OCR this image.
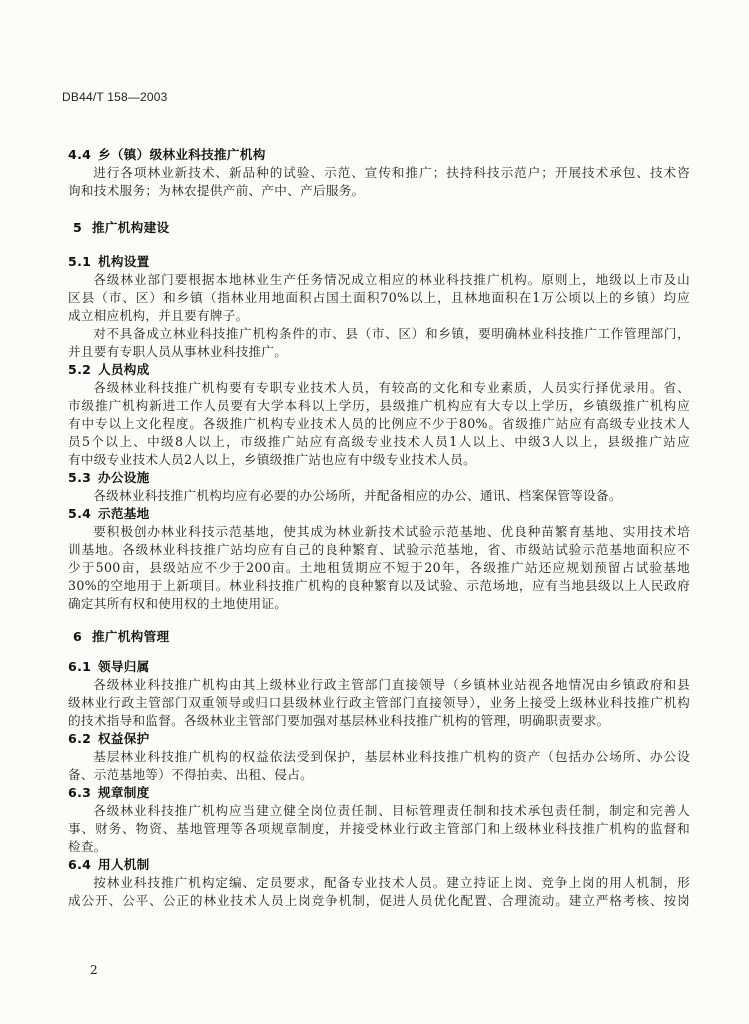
DB44/T 158—2003
4.4 乡（镇）级林业科技推广机构
进行各项林业新技术、新品种的试验、示范、宣传和推广；扶持科技示范户；开展技术承包、技术咨
询和技术服务；为林农提供产前、产中、产后服务。
5 推广机构建设
5.1 机构设置
各级林业部门要根据本地林业生产任务情况成立相应的林业科技推广机构。原则上，地级以上市及山
区县（市、区）和乡镇（指林业用地面积占国土面积70%以上，且林地面积在1万公顷以上的乡镇）均应
成立相应机构，并且要有牌子。
对不具备成立林业科技推广机构条件的市、县（市、区）和乡镇，要明确林业科技推广工作管理部门，
并且要有专职人员从事林业科技推广。
5.2 人员构成
各级林业科技推广机构要有专职专业技术人员，有较高的文化和专业素质，人员实行择优录用。省、
市级推广机构新进工作人员要有大学本科以上学历，县级推广机构应有大专以上学历，乡镇级推广机构应
有中专以上文化程度。各级推广机构专业技术人员的比例应不少于80%。省级推广站应有高级专业技术人
员5个以上、中级8人以上，市级推广站应有高级专业技术人员1人以上、中级3人以上，县级推广站应
有中级专业技术人员2人以上，乡镇级推广站也应有中级专业技术人员。
5.3 办公设施
各级林业科技推广机构均应有必要的办公场所，并配备相应的办公、通讯、档案保管等设备。
5.4 示范基地
要积极创办林业科技示范基地，使其成为林业新技术试验示范基地、优良种苗繁育基地、实用技术培
训基地。各级林业科技推广站均应有自己的良种繁育、试验示范基地，省、市级站试验示范基地面积应不
少于500亩，县级站应不少于200亩。土地租赁期应不短于20年，各级推广站还应规划预留占试验基地
30%的空地用于上新项目。林业科技推广机构的良种繁育以及试验、示范场地，应有当地县级以上人民政府
确定其所有权和使用权的土地使用证。
6 推广机构管理
6.1 领导归属
各级林业科技推广机构由其上级林业行政主管部门直接领导（乡镇林业站视各地情况由乡镇政府和县
级林业行政主管部门双重领导或归口县级林业行政主管部门直接领导），业务上接受上级林业科技推广机构
的技术指导和监督。各级林业主管部门要加强对基层林业科技推广机构的管理，明确职责要求。
6.2 权益保护
基层林业科技推广机构的权益依法受到保护，基层林业科技推广机构的资产（包括办公场所、办公设
备、示范基地等）不得拍卖、出租、侵占。
6.3 规章制度
各级林业科技推广机构应当建立健全岗位责任制、目标管理责任制和技术承包责任制，制定和完善人
事、财务、物资、基地管理等各项规章制度，并接受林业行政主管部门和上级林业科技推广机构的监督和
检查。
6.4 用人机制
按林业科技推广机构定编、定员要求，配备专业技术人员。建立持证上岗、竞争上岗的用人机制，形
成公开、公平、公正的林业技术人员上岗竞争机制，促进人员优化配置、合理流动。建立严格考核、按岗
2
